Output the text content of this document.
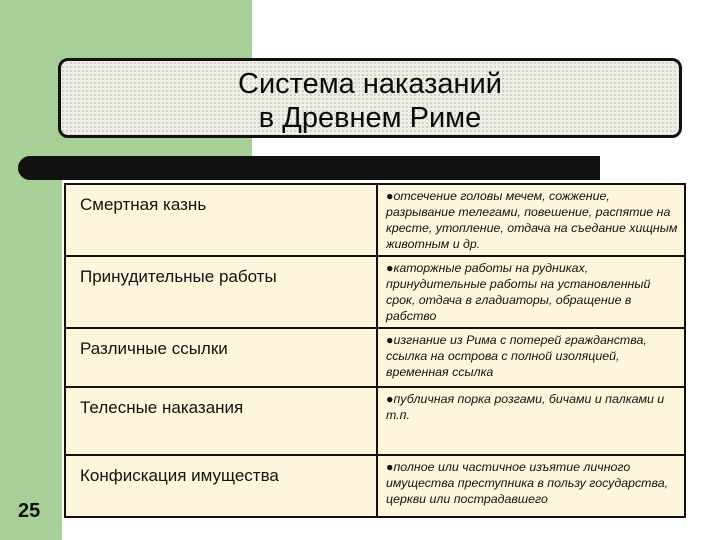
Система наказаний
в Древнем Риме
Смертная казнь	●отсечение головы мечем, сожжение, разрывание телегами, повешение, распятие на кресте, утопление, отдача на съедание хищным животным и др.
Принудительные работы	●каторжные работы на рудниках, принудительные работы на установленный срок, отдача в гладиаторы, обращение в рабство
Различные ссылки	●изгнание из Рима с потерей гражданства, ссылка на острова с полной изоляцией, временная ссылка
Телесные наказания	●публичная порка розгами, бичами и палками и т.п.
Конфискация имущества	●полное или частичное изъятие личного имущества преступника в пользу государства, церкви или пострадавшего
25
